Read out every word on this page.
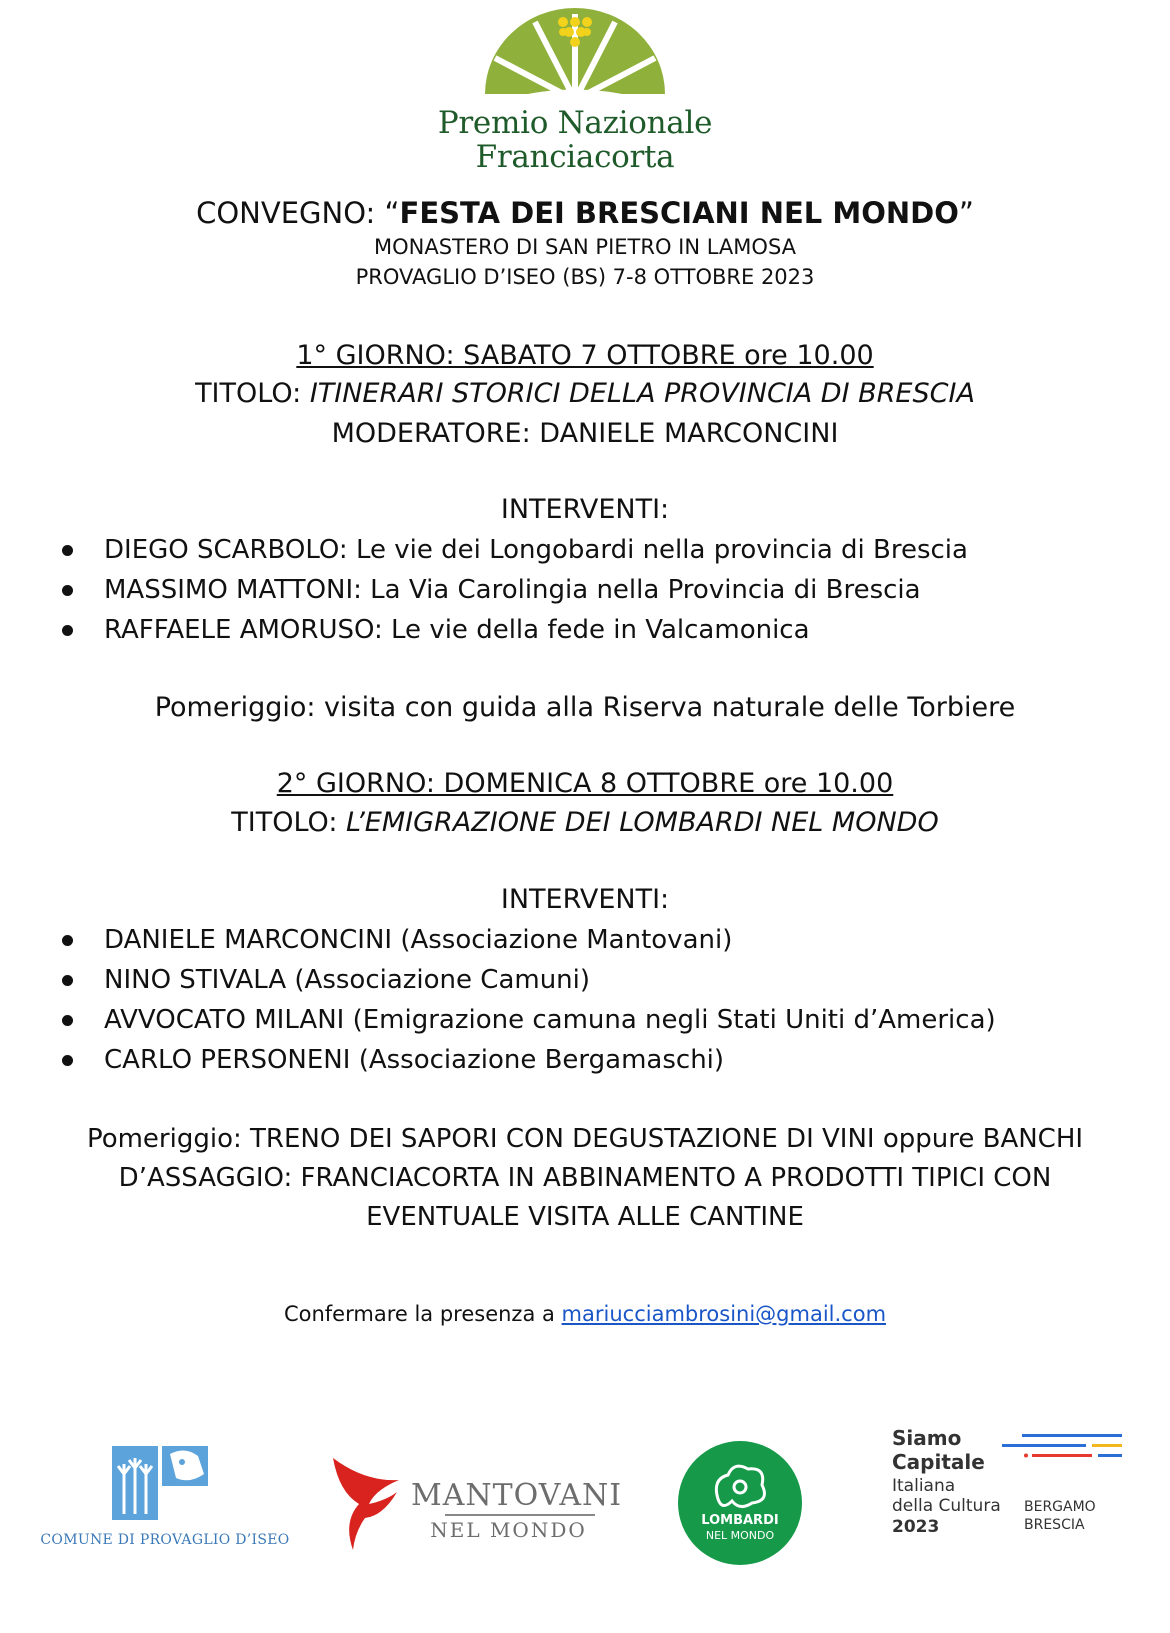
Premio Nazionale
Franciacorta
CONVEGNO: “FESTA DEI BRESCIANI NEL MONDO”
MONASTERO DI SAN PIETRO IN LAMOSA
PROVAGLIO D’ISEO (BS) 7-8 OTTOBRE 2023
1° GIORNO: SABATO 7 OTTOBRE ore 10.00
TITOLO: ITINERARI STORICI DELLA PROVINCIA DI BRESCIA
MODERATORE: DANIELE MARCONCINI
INTERVENTI:
DIEGO SCARBOLO: Le vie dei Longobardi nella provincia di Brescia
MASSIMO MATTONI: La Via Carolingia nella Provincia di Brescia
RAFFAELE AMORUSO: Le vie della fede in Valcamonica
Pomeriggio: visita con guida alla Riserva naturale delle Torbiere
2° GIORNO: DOMENICA 8 OTTOBRE ore 10.00
TITOLO: L’EMIGRAZIONE DEI LOMBARDI NEL MONDO
INTERVENTI:
DANIELE MARCONCINI (Associazione Mantovani)
NINO STIVALA (Associazione Camuni)
AVVOCATO MILANI (Emigrazione camuna negli Stati Uniti d’America)
CARLO PERSONENI (Associazione Bergamaschi)
Pomeriggio: TRENO DEI SAPORI CON DEGUSTAZIONE DI VINI oppure BANCHI
D’ASSAGGIO: FRANCIACORTA IN ABBINAMENTO A PRODOTTI TIPICI CON
EVENTUALE VISITA ALLE CANTINE
Confermare la presenza a mariucciambrosini@gmail.com
COMUNE DI PROVAGLIO D’ISEO
MANTOVANI
NEL MONDO	LOMBARDI
NEL MONDO
Siamo
Capitale
Italiana
della Cultura
2023
BERGAMO
BRESCIA
